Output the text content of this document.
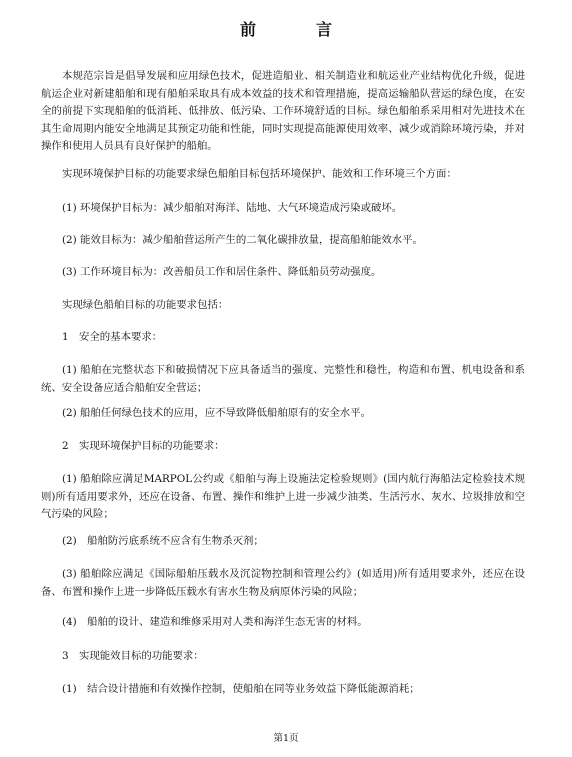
前　言

本规范宗旨是倡导发展和应用绿色技术，促进造船业、相关制造业和航运业产业结构优化升级，促进航运企业对新建船舶和现有船舶采取具有成本效益的技术和管理措施，提高运输船队营运的绿色度，在安全的前提下实现船舶的低消耗、低排放、低污染、工作环境舒适的目标。绿色船舶系采用相对先进技术在其生命周期内能安全地满足其预定功能和性能，同时实现提高能源使用效率、减少或消除环境污染，并对操作和使用人员具有良好保护的船舶。

实现环境保护目标的功能要求绿色船舶目标包括环境保护、能效和工作环境三个方面：

(1) 环境保护目标为：减少船舶对海洋、陆地、大气环境造成污染或破坏。

(2) 能效目标为：减少船舶营运所产生的二氧化碳排放量，提高船舶能效水平。

(3) 工作环境目标为：改善船员工作和居住条件、降低船员劳动强度。

实现绿色船舶目标的功能要求包括：

1　安全的基本要求：

(1) 船舶在完整状态下和破损情况下应具备适当的强度、完整性和稳性，构造和布置、机电设备和系统、安全设备应适合船舶安全营运；

(2) 船舶任何绿色技术的应用，应不导致降低船舶原有的安全水平。

2　实现环境保护目标的功能要求：

(1) 船舶除应满足MARPOL公约或《船舶与海上设施法定检验规则》(国内航行海船法定检验技术规则)所有适用要求外，还应在设备、布置、操作和维护上进一步减少油类、生活污水、灰水、垃圾排放和空气污染的风险；

(2)　船舶防污底系统不应含有生物杀灭剂；

(3) 船舶除应满足《国际船舶压载水及沉淀物控制和管理公约》(如适用)所有适用要求外，还应在设备、布置和操作上进一步降低压载水有害水生物及病原体污染的风险；

(4)　船舶的设计、建造和维修采用对人类和海洋生态无害的材料。

3　实现能效目标的功能要求：

(1)　结合设计措施和有效操作控制，使船舶在同等业务效益下降低能源消耗；

第1页
